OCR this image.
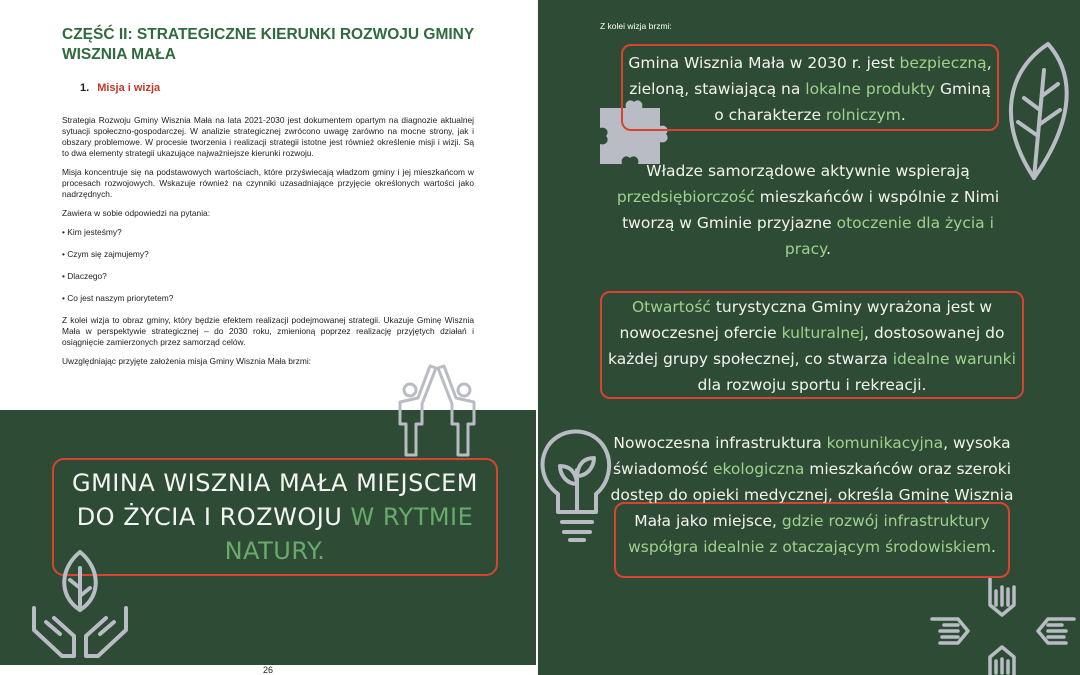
CZĘŚĆ II: STRATEGICZNE KIERUNKI ROZWOJU GMINY WISZNIA MAŁA
1. Misja i wizja

Strategia Rozwoju Gminy Wisznia Mała na lata 2021-2030 jest dokumentem opartym na diagnozie aktualnej sytuacji społeczno-gospodarczej. W analizie strategicznej zwrócono uwagę zarówno na mocne strony, jak i obszary problemowe. W procesie tworzenia i realizacji strategii istotne jest również określenie misji i wizji. Są to dwa elementy strategii ukazujące najważniejsze kierunki rozwoju.

Misja koncentruje się na podstawowych wartościach, które przyświecają władzom gminy i jej mieszkańcom w procesach rozwojowych. Wskazuje również na czynniki uzasadniające przyjęcie określonych wartości jako nadrzędnych.

Zawiera w sobie odpowiedzi na pytania:

• Kim jesteśmy?
• Czym się zajmujemy?
• Dlaczego?
• Co jest naszym priorytetem?

Z kolei wizja to obraz gminy, który będzie efektem realizacji podejmowanej strategii. Ukazuje Gminę Wisznia Mała w perspektywie strategicznej – do 2030 roku, zmienioną poprzez realizację przyjętych działań i osiągnięcie zamierzonych przez samorząd celów.

Uwzględniając przyjęte założenia misja Gminy Wisznia Mała brzmi:

GMINA WISZNIA MAŁA MIEJSCEM DO ŻYCIA I ROZWOJU W RYTMIE NATURY.
26
Z kolei wizja brzmi:
Gmina Wisznia Mała w 2030 r. jest bezpieczną, zieloną, stawiającą na lokalne produkty Gminą o charakterze rolniczym.
Władze samorządowe aktywnie wspierają przedsiębiorczość mieszkańców i wspólnie z Nimi tworzą w Gminie przyjazne otoczenie dla życia i pracy.
Otwartość turystyczna Gminy wyrażona jest w nowoczesnej ofercie kulturalnej, dostosowanej do każdej grupy społecznej, co stwarza idealne warunki dla rozwoju sportu i rekreacji.
Nowoczesna infrastruktura komunikacyjna, wysoka świadomość ekologiczna mieszkańców oraz szeroki dostęp do opieki medycznej, określa Gminę Wisznia Mała jako miejsce, gdzie rozwój infrastruktury współgra idealnie z otaczającym środowiskiem.
